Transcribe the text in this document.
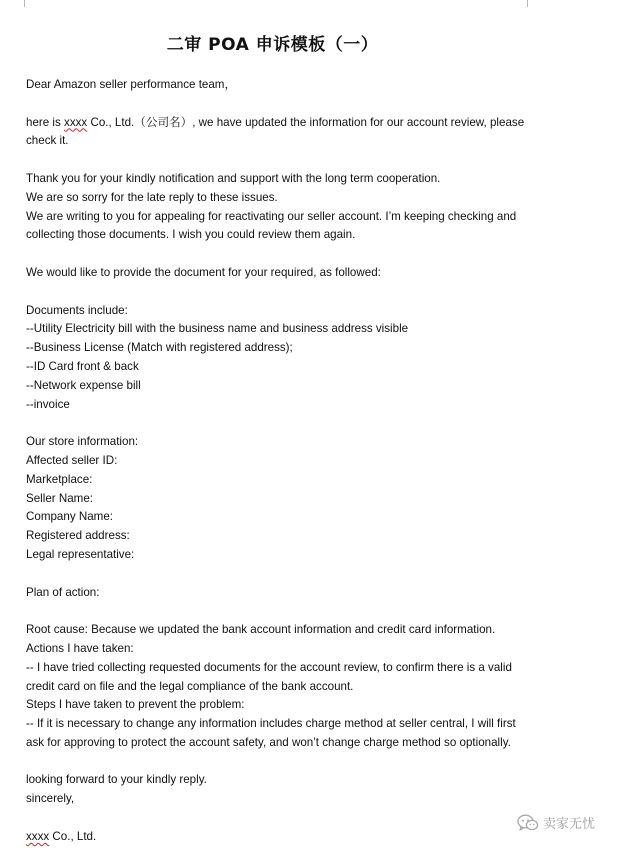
二审 POA 申诉模板（一）

Dear Amazon seller performance team，

here is xxxx Co., Ltd.（公司名）, we have updated the information for our account review, please check it.

Thank you for your kindly notification and support with the long term cooperation.

We are so sorry for the late reply to these issues.

We are writing to you for appealing for reactivating our seller account. I’m keeping checking and collecting those documents. I wish you could review them again.

We would like to provide the document for your required, as followed:

Documents include:

--Utility Electricity bill with the business name and business address visible

--Business License (Match with registered address);

--ID Card front & back

--Network expense bill

--invoice

Our store information:

Affected seller ID:

Marketplace:

Seller Name:

Company Name:

Registered address:

Legal representative:

Plan of action:

Root cause: Because we updated the bank account information and credit card information.

Actions I have taken:

-- I have tried collecting requested documents for the account review, to confirm there is a valid credit card on file and the legal compliance of the bank account.

Steps I have taken to prevent the problem:

-- If it is necessary to change any information includes charge method at seller central, I will first ask for approving to protect the account safety, and won’t change charge method so optionally.

looking forward to your kindly reply.

sincerely,

xxxx Co., Ltd.

卖家无忧
